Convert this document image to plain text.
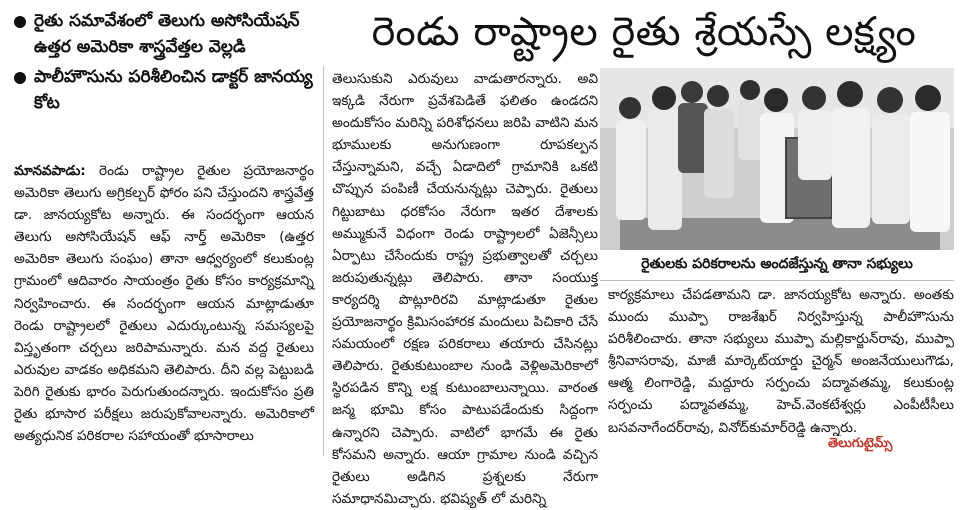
రైతు సమావేశంలో తెలుగు అసోసియేషన్ ఉత్తర అమెరికా శాస్త్రవేత్తల వెల్లడి
పాలీహౌసును పరిశీలించిన డాక్టర్ జానయ్య కోట
రెండు రాష్ట్రాల రైతు శ్రేయస్సే లక్ష్యం
మానవపాడు: రెండు రాష్ట్రాల రైతుల ప్రయోజనార్థం అమెరికా తెలుగు అగ్రికల్చర్ ఫోరం పని చేస్తుందని శాస్త్రవేత్త డా. జానయ్యకోట అన్నారు. ఈ సందర్భంగా ఆయన తెలుగు అసోసియేషన్ ఆఫ్ నార్త్ అమెరికా (ఉత్తర అమెరికా తెలుగు సంఘం) తానా ఆధ్వర్యంలో కలుకుంట్ల గ్రామంలో ఆదివారం సాయంత్రం రైతు కోసం కార్యక్రమాన్ని నిర్వహించారు. ఈ సందర్భంగా ఆయన మాట్లాడుతూ రెండు రాష్ట్రాలలో రైతులు ఎదుర్కుంటున్న సమస్యలపై విస్తృతంగా చర్చలు జరిపామన్నారు. మన వద్ద రైతులు ఎరువుల వాడకం అధికమని తెలిపారు. దీని వల్ల పెట్టుబడి పెరిగి రైతుకు భారం పెరుగుతుందన్నారు. ఇందుకోసం ప్రతి రైతు భూసార పరీక్షలు జరుపుకోవాలన్నారు. అమెరికాలో అత్యధునిక పరికరాల సహాయంతో భూసారాలు
తెలుసుకుని ఎరువులు వాడుతారన్నారు. అవి ఇక్కడి నేరుగా ప్రవేశపెడితే ఫలితం ఉండదని అందుకోసం మరిన్ని పరిశోధనలు జరిపి వాటిని మన భూములకు అనుగుణంగా రూపకల్పన చేస్తున్నామని, వచ్చే ఏడాదిలో గ్రామానికి ఒకటి చొప్పున పంపిణీ చేయనున్నట్లు చెప్పారు. రైతులు గిట్టుబాటు ధరకోసం నేరుగా ఇతర దేశాలకు అమ్ముకునే విధంగా రెండు రాష్ట్రాలలో ఏజెన్సీలు ఏర్పాటు చేసేందుకు రాష్ట్ర ప్రభుత్వాలతో చర్చలు జరుపుతున్నట్లు తెలిపారు. తానా సంయుక్త కార్యదర్శి పొట్లూరిరవి మాట్లాడుతూ రైతుల ప్రయోజనార్థం క్రిమిసంహారక మందులు పిచికారి చేసే సమయంలో రక్షణ పరికరాలు తయారు చేసినట్లు తెలిపారు. రైతుకుటుంబాల నుండి వెళ్లిఅమెరికాలో స్థిరపడిన కొన్ని లక్ష కుటుంబాలున్నాయి. వారంత జన్మ భూమి కోసం పాటుపడేందుకు సిద్దంగా ఉన్నారని చెప్పారు. వాటిలో భాగమే ఈ రైతు కోసమని అన్నారు. ఆయా గ్రామాల నుండి వచ్చిన రైతులు అడిగిన ప్రశ్నలకు నేరుగా సమాధానమిచ్చారు. భవిష్యత్ లో మరిన్ని
రైతులకు పరికరాలను అందజేస్తున్న తానా సభ్యులు
కార్యక్రమాలు చేపడతామని డా. జానయ్యకోట అన్నారు. అంతకు ముందు ముప్పా రాజశేఖర్ నిర్వహిస్తున్న పాలీహౌసును పరిశీలించారు. తానా సభ్యులు ముప్పా మల్లికార్జున్‌రావు, ముప్పా శ్రీనివాసరావు, మాజీ మార్కెట్‌యార్డు చైర్మన్ అంజనేయులుగౌడు, ఆత్మ లింగారెడ్డి, మద్దూరు సర్పంచు పద్మావతమ్మ, కలుకుంట్ల సర్పంచు పద్మావతమ్మ, హెచ్.వెంకటేశ్వర్లు ఎంపీటీసీలు బసవనాగేందర్‌రావు, వినోద్‌కుమార్‌రెడ్డి ఉన్నారు.
తెలుగుటైమ్స్
